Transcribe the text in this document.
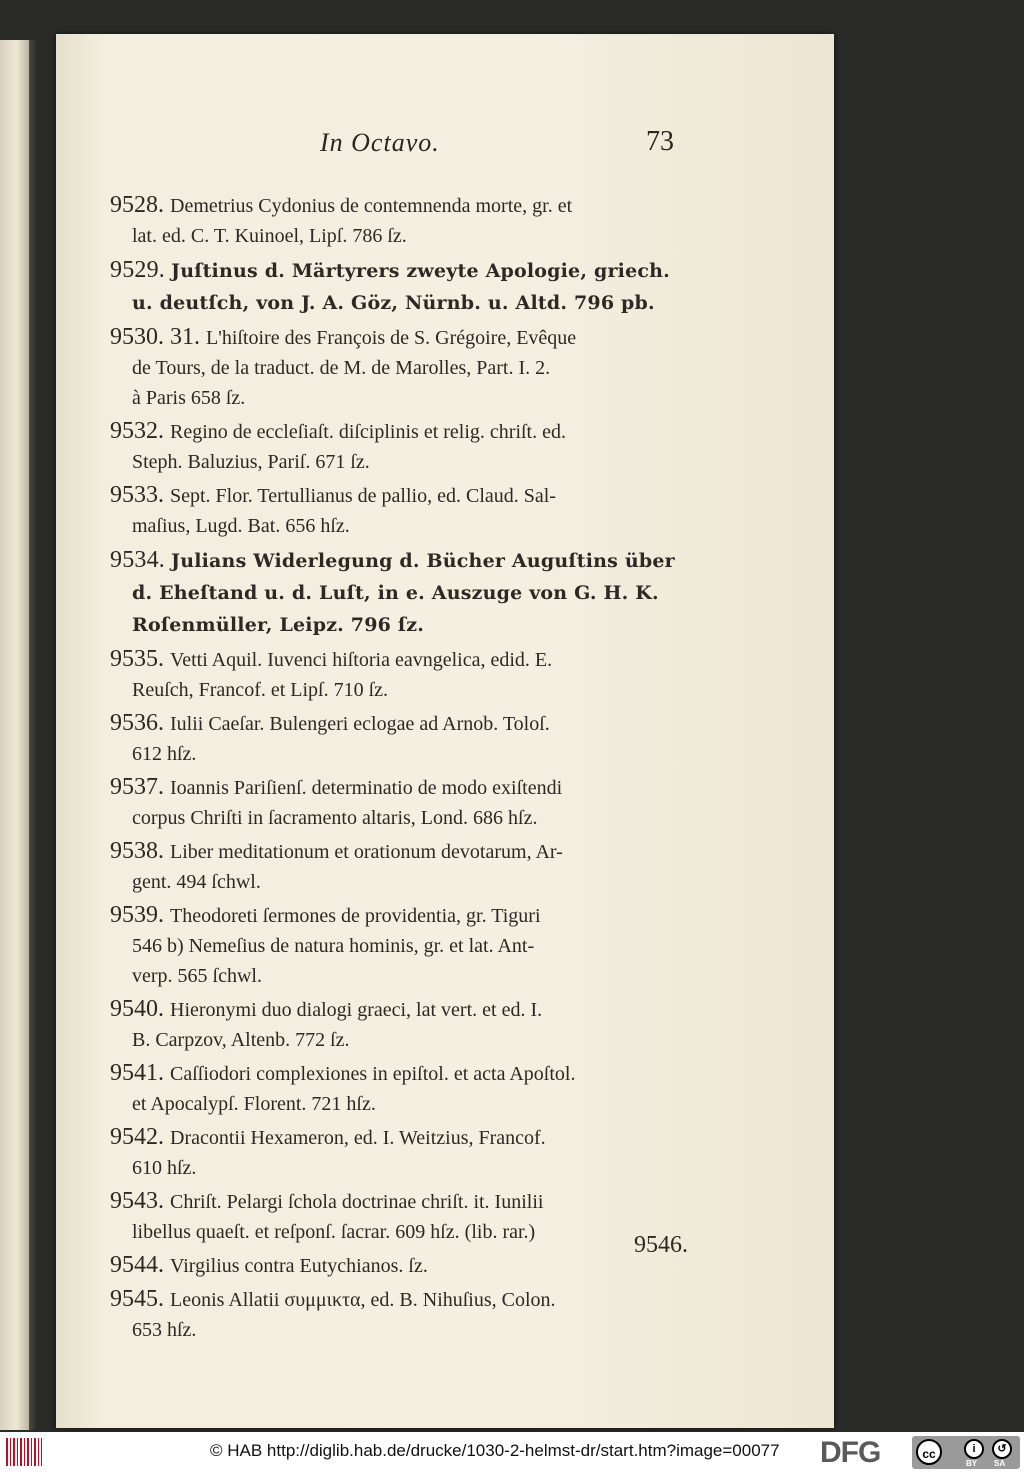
In Octavo.	73
9528. Demetrius Cydonius de contemnenda morte, gr. et
lat. ed. C. T. Kuinoel, Lipſ. 786 ſz.
9529. Juſtinus d. Märtyrers zweyte Apologie, griech.
u. deutſch, von J. A. Göz, Nürnb. u. Altd. 796 pb.
9530. 31. L'hiſtoire des François de S. Grégoire, Evêque
de Tours, de la traduct. de M. de Marolles, Part. I. 2.
à Paris 658 ſz.
9532. Regino de eccleſiaſt. diſciplinis et relig. chriſt. ed.
Steph. Baluzius, Pariſ. 671 ſz.
9533. Sept. Flor. Tertullianus de pallio, ed. Claud. Sal-
maſius, Lugd. Bat. 656 hſz.
9534. Julians Widerlegung d. Bücher Auguſtins über
d. Eheſtand u. d. Luſt, in e. Auszuge von G. H. K.
Roſenmüller, Leipz. 796 ſz.
9535. Vetti Aquil. Iuvenci hiſtoria eavngelica, edid. E.
Reuſch, Francof. et Lipſ. 710 ſz.
9536. Iulii Caeſar. Bulengeri eclogae ad Arnob. Toloſ.
612 hſz.
9537. Ioannis Pariſienſ. determinatio de modo exiſtendi
corpus Chriſti in ſacramento altaris, Lond. 686 hſz.
9538. Liber meditationum et orationum devotarum, Ar-
gent. 494 ſchwl.
9539. Theodoreti ſermones de providentia, gr. Tiguri
546 b) Nemeſius de natura hominis, gr. et lat. Ant-
verp. 565 ſchwl.
9540. Hieronymi duo dialogi graeci, lat vert. et ed. I.
B. Carpzov, Altenb. 772 ſz.
9541. Caſſiodori complexiones in epiſtol. et acta Apoſtol.
et Apocalypſ. Florent. 721 hſz.
9542. Dracontii Hexameron, ed. I. Weitzius, Francof.
610 hſz.
9543. Chriſt. Pelargi ſchola doctrinae chriſt. it. Iunilii
libellus quaeſt. et reſponſ. ſacrar. 609 hſz. (lib. rar.)
9544. Virgilius contra Eutychianos. ſz.
9545. Leonis Allatii συμμικτα, ed. B. Nihuſius, Colon.
653 hſz.
9546.
© HAB http://diglib.hab.de/drucke/1030-2-helmst-dr/start.htm?image=00077 DFG	cc	i	↺
BY SA
